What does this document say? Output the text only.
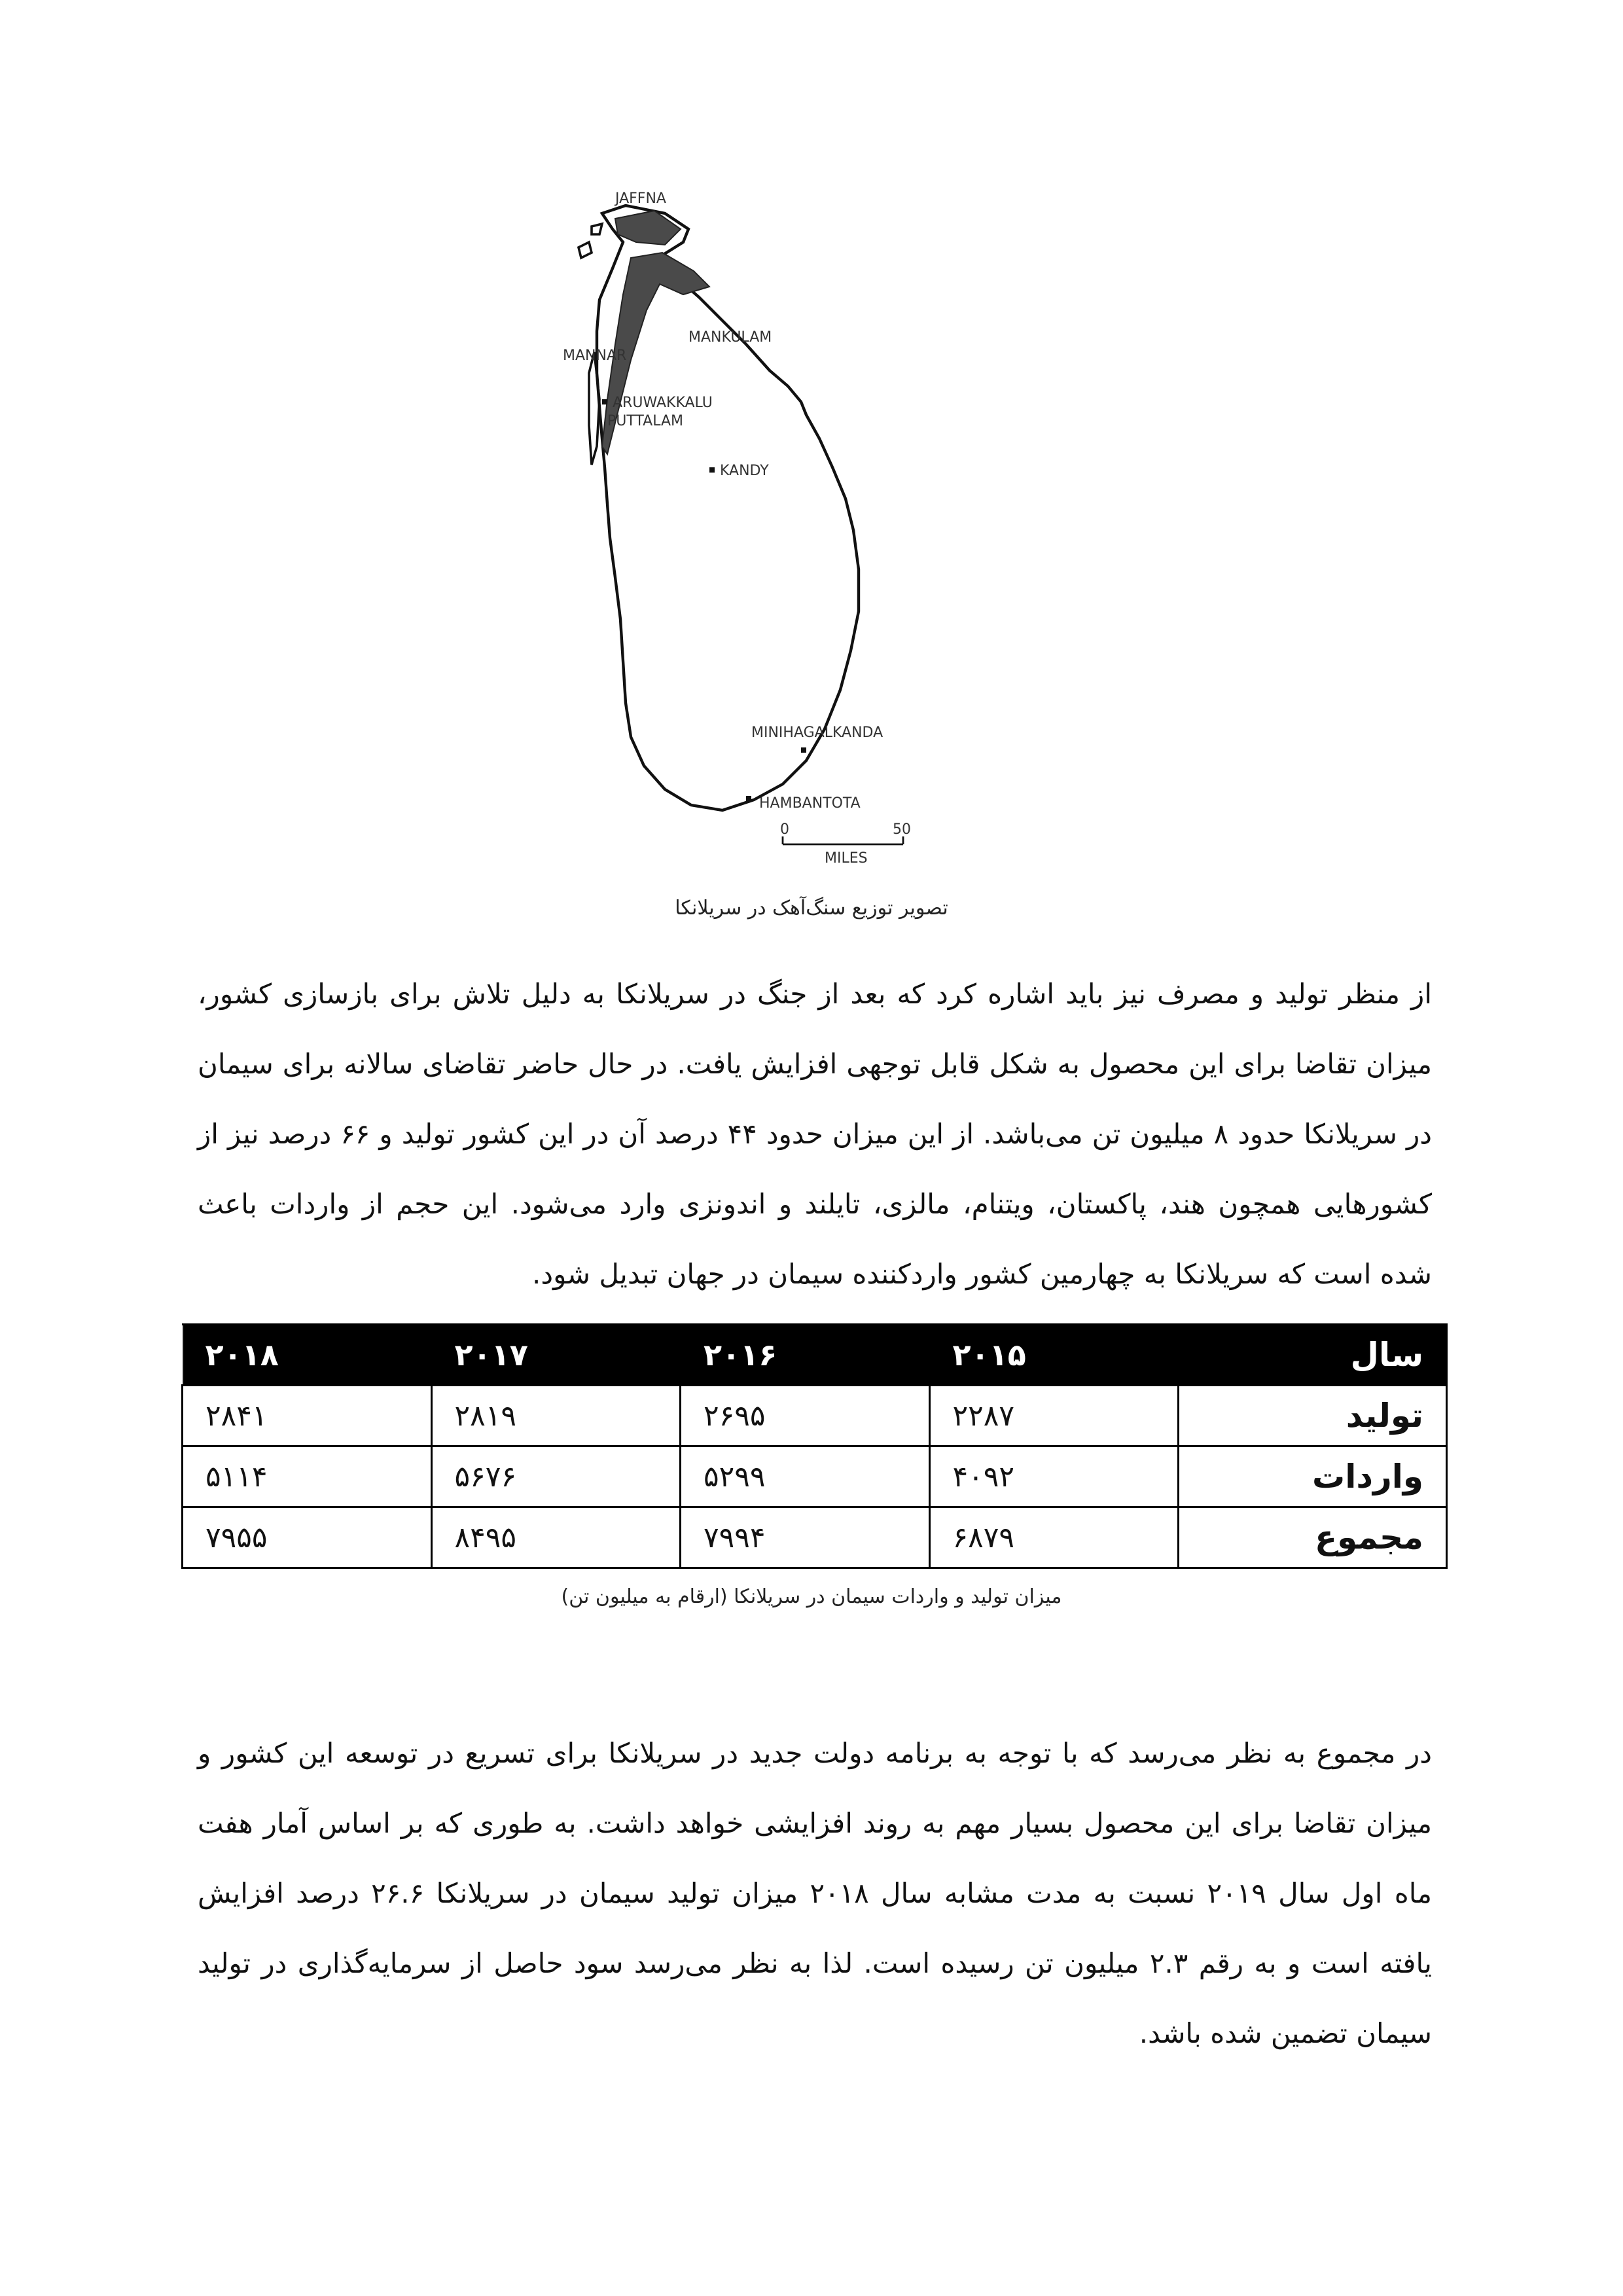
JAFFNA
MANKULAM
MANNAR
ARUWAKKALU
PUTTALAM
KANDY
MINIHAGALKANDA
HAMBANTOTA
0	50
MILES
تصویر توزیع سنگ‌آهک در سریلانکا

از منظر تولید و مصرف نیز باید اشاره کرد که بعد از جنگ در سریلانکا به دلیل تلاش برای بازسازی کشور، میزان تقاضا برای این محصول به شکل قابل توجهی افزایش یافت. در حال حاضر تقاضای سالانه برای سیمان در سریلانکا حدود ۸ میلیون تن می‌باشد. از این میزان حدود ۴۴ درصد آن در این کشور تولید و ۶۶ درصد نیز از کشورهایی همچون هند، پاکستان، ویتنام، مالزی، تایلند و اندونزی وارد می‌شود. این حجم از واردات باعث شده است که سریلانکا به چهارمین کشور واردکننده سیمان در جهان تبدیل شود.

سال	۲۰۱۵	۲۰۱۶	۲۰۱۷	۲۰۱۸
تولید	۲۲۸۷	۲۶۹۵	۲۸۱۹	۲۸۴۱
واردات	۴۰۹۲	۵۲۹۹	۵۶۷۶	۵۱۱۴
مجموع	۶۸۷۹	۷۹۹۴	۸۴۹۵	۷۹۵۵
میزان تولید و واردات سیمان در سریلانکا (ارقام به میلیون تن)

در مجموع به نظر می‌رسد که با توجه به برنامه دولت جدید در سریلانکا برای تسریع در توسعه این کشور و میزان تقاضا برای این محصول بسیار مهم به روند افزایشی خواهد داشت. به طوری که بر اساس آمار هفت ماه اول سال ۲۰۱۹ نسبت به مدت مشابه سال ۲۰۱۸ میزان تولید سیمان در سریلانکا ۲۶.۶ درصد افزایش یافته است و به رقم ۲.۳ میلیون تن رسیده است. لذا به نظر می‌رسد سود حاصل از سرمایه‌گذاری در تولید سیمان تضمین شده باشد.
